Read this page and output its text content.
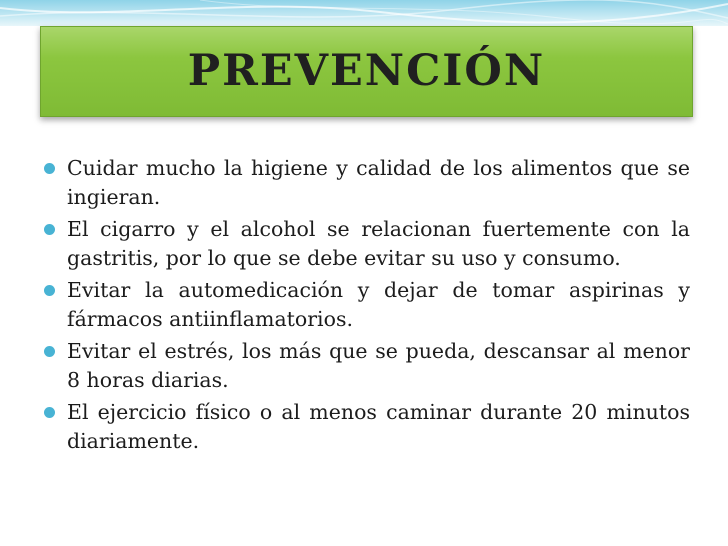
PREVENCIÓN
Cuidar mucho la higiene y calidad de los alimentos que se ingieran.
El cigarro y el alcohol se relacionan fuertemente con la gastritis, por lo que se debe evitar su uso y consumo.
Evitar la automedicación y dejar de tomar aspirinas y fármacos antiinflamatorios.
Evitar el estrés, los más que se pueda, descansar al menor 8 horas diarias.
El ejercicio físico o al menos caminar durante 20 minutos diariamente.
